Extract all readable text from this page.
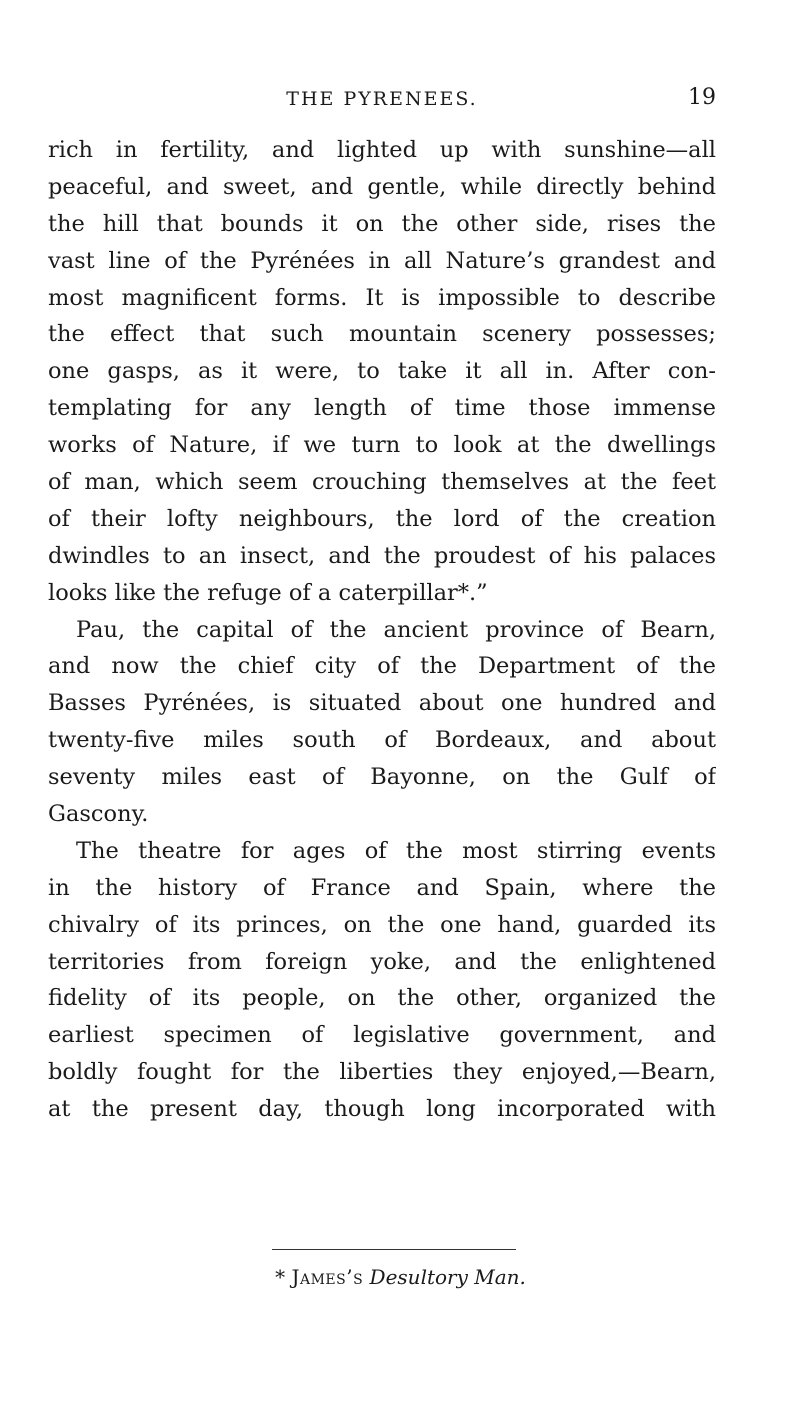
THE PYRENEES.	19
rich in fertility, and lighted up with sunshine—all
peaceful, and sweet, and gentle, while directly behind
the hill that bounds it on the other side, rises the
vast line of the Pyrénées in all Nature’s grandest and
most magnificent forms. It is impossible to describe
the effect that such mountain scenery possesses;
one gasps, as it were, to take it all in. After con-
templating for any length of time those immense
works of Nature, if we turn to look at the dwellings
of man, which seem crouching themselves at the feet
of their lofty neighbours, the lord of the creation
dwindles to an insect, and the proudest of his palaces
looks like the refuge of a caterpillar*.”
Pau, the capital of the ancient province of Bearn,
and now the chief city of the Department of the
Basses Pyrénées, is situated about one hundred and
twenty-five miles south of Bordeaux, and about
seventy miles east of Bayonne, on the Gulf of
Gascony.
The theatre for ages of the most stirring events
in the history of France and Spain, where the
chivalry of its princes, on the one hand, guarded its
territories from foreign yoke, and the enlightened
fidelity of its people, on the other, organized the
earliest specimen of legislative government, and
boldly fought for the liberties they enjoyed,—Bearn,
at the present day, though long incorporated with
* James’s Desultory Man.
